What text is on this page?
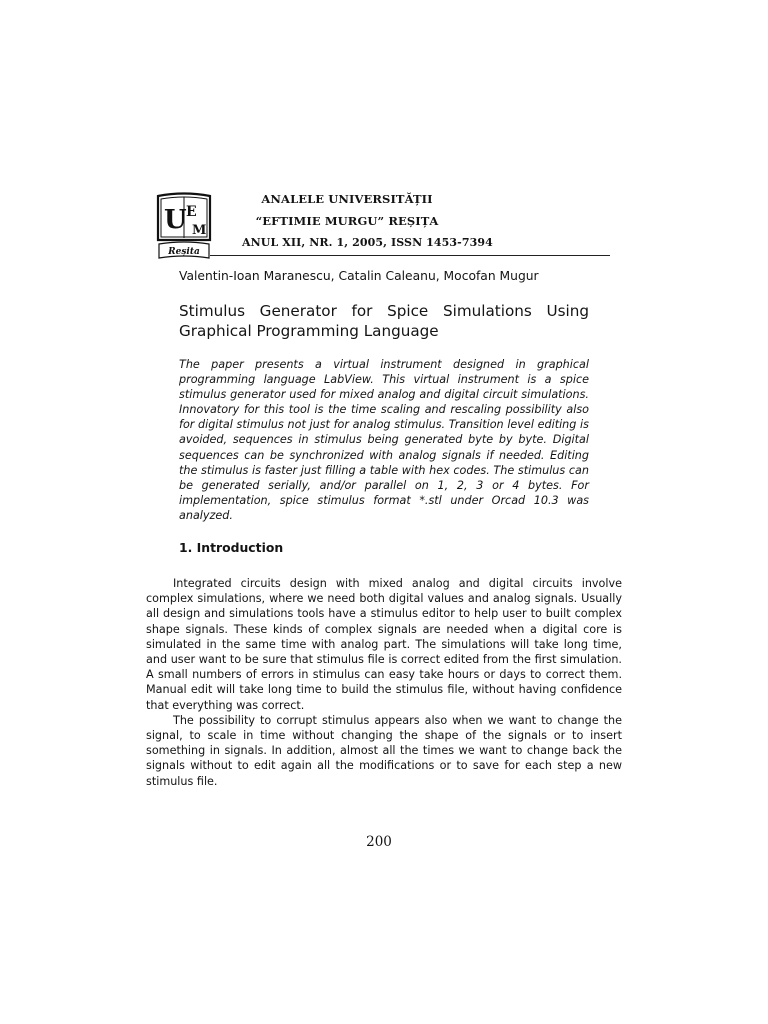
U E
M
Reșita
ANALELE UNIVERSITĂȚII
“EFTIMIE MURGU” REȘIȚA
ANUL XII, NR. 1, 2005, ISSN 1453-7394
Valentin-Ioan Maranescu, Catalin Caleanu, Mocofan Mugur
Stimulus Generator for Spice Simulations Using Graphical Programming Language
The paper presents a virtual instrument designed in graphical programming language LabView. This virtual instrument is a spice stimulus generator used for mixed analog and digital circuit simulations. Innovatory for this tool is the time scaling and rescaling possibility also for digital stimulus not just for analog stimulus. Transition level editing is avoided, sequences in stimulus being generated byte by byte. Digital sequences can be synchronized with analog signals if needed. Editing the stimulus is faster just filling a table with hex codes. The stimulus can be generated serially, and/or parallel on 1, 2, 3 or 4 bytes. For implementation, spice stimulus format *.stl under Orcad 10.3 was analyzed.
1. Introduction

Integrated circuits design with mixed analog and digital circuits involve complex simulations, where we need both digital values and analog signals. Usually all design and simulations tools have a stimulus editor to help user to built complex shape signals. These kinds of complex signals are needed when a digital core is simulated in the same time with analog part. The simulations will take long time, and user want to be sure that stimulus file is correct edited from the first simulation. A small numbers of errors in stimulus can easy take hours or days to correct them. Manual edit will take long time to build the stimulus file, without having confidence that everything was correct.

The possibility to corrupt stimulus appears also when we want to change the signal, to scale in time without changing the shape of the signals or to insert something in signals. In addition, almost all the times we want to change back the signals without to edit again all the modifications or to save for each step a new stimulus file.

200
